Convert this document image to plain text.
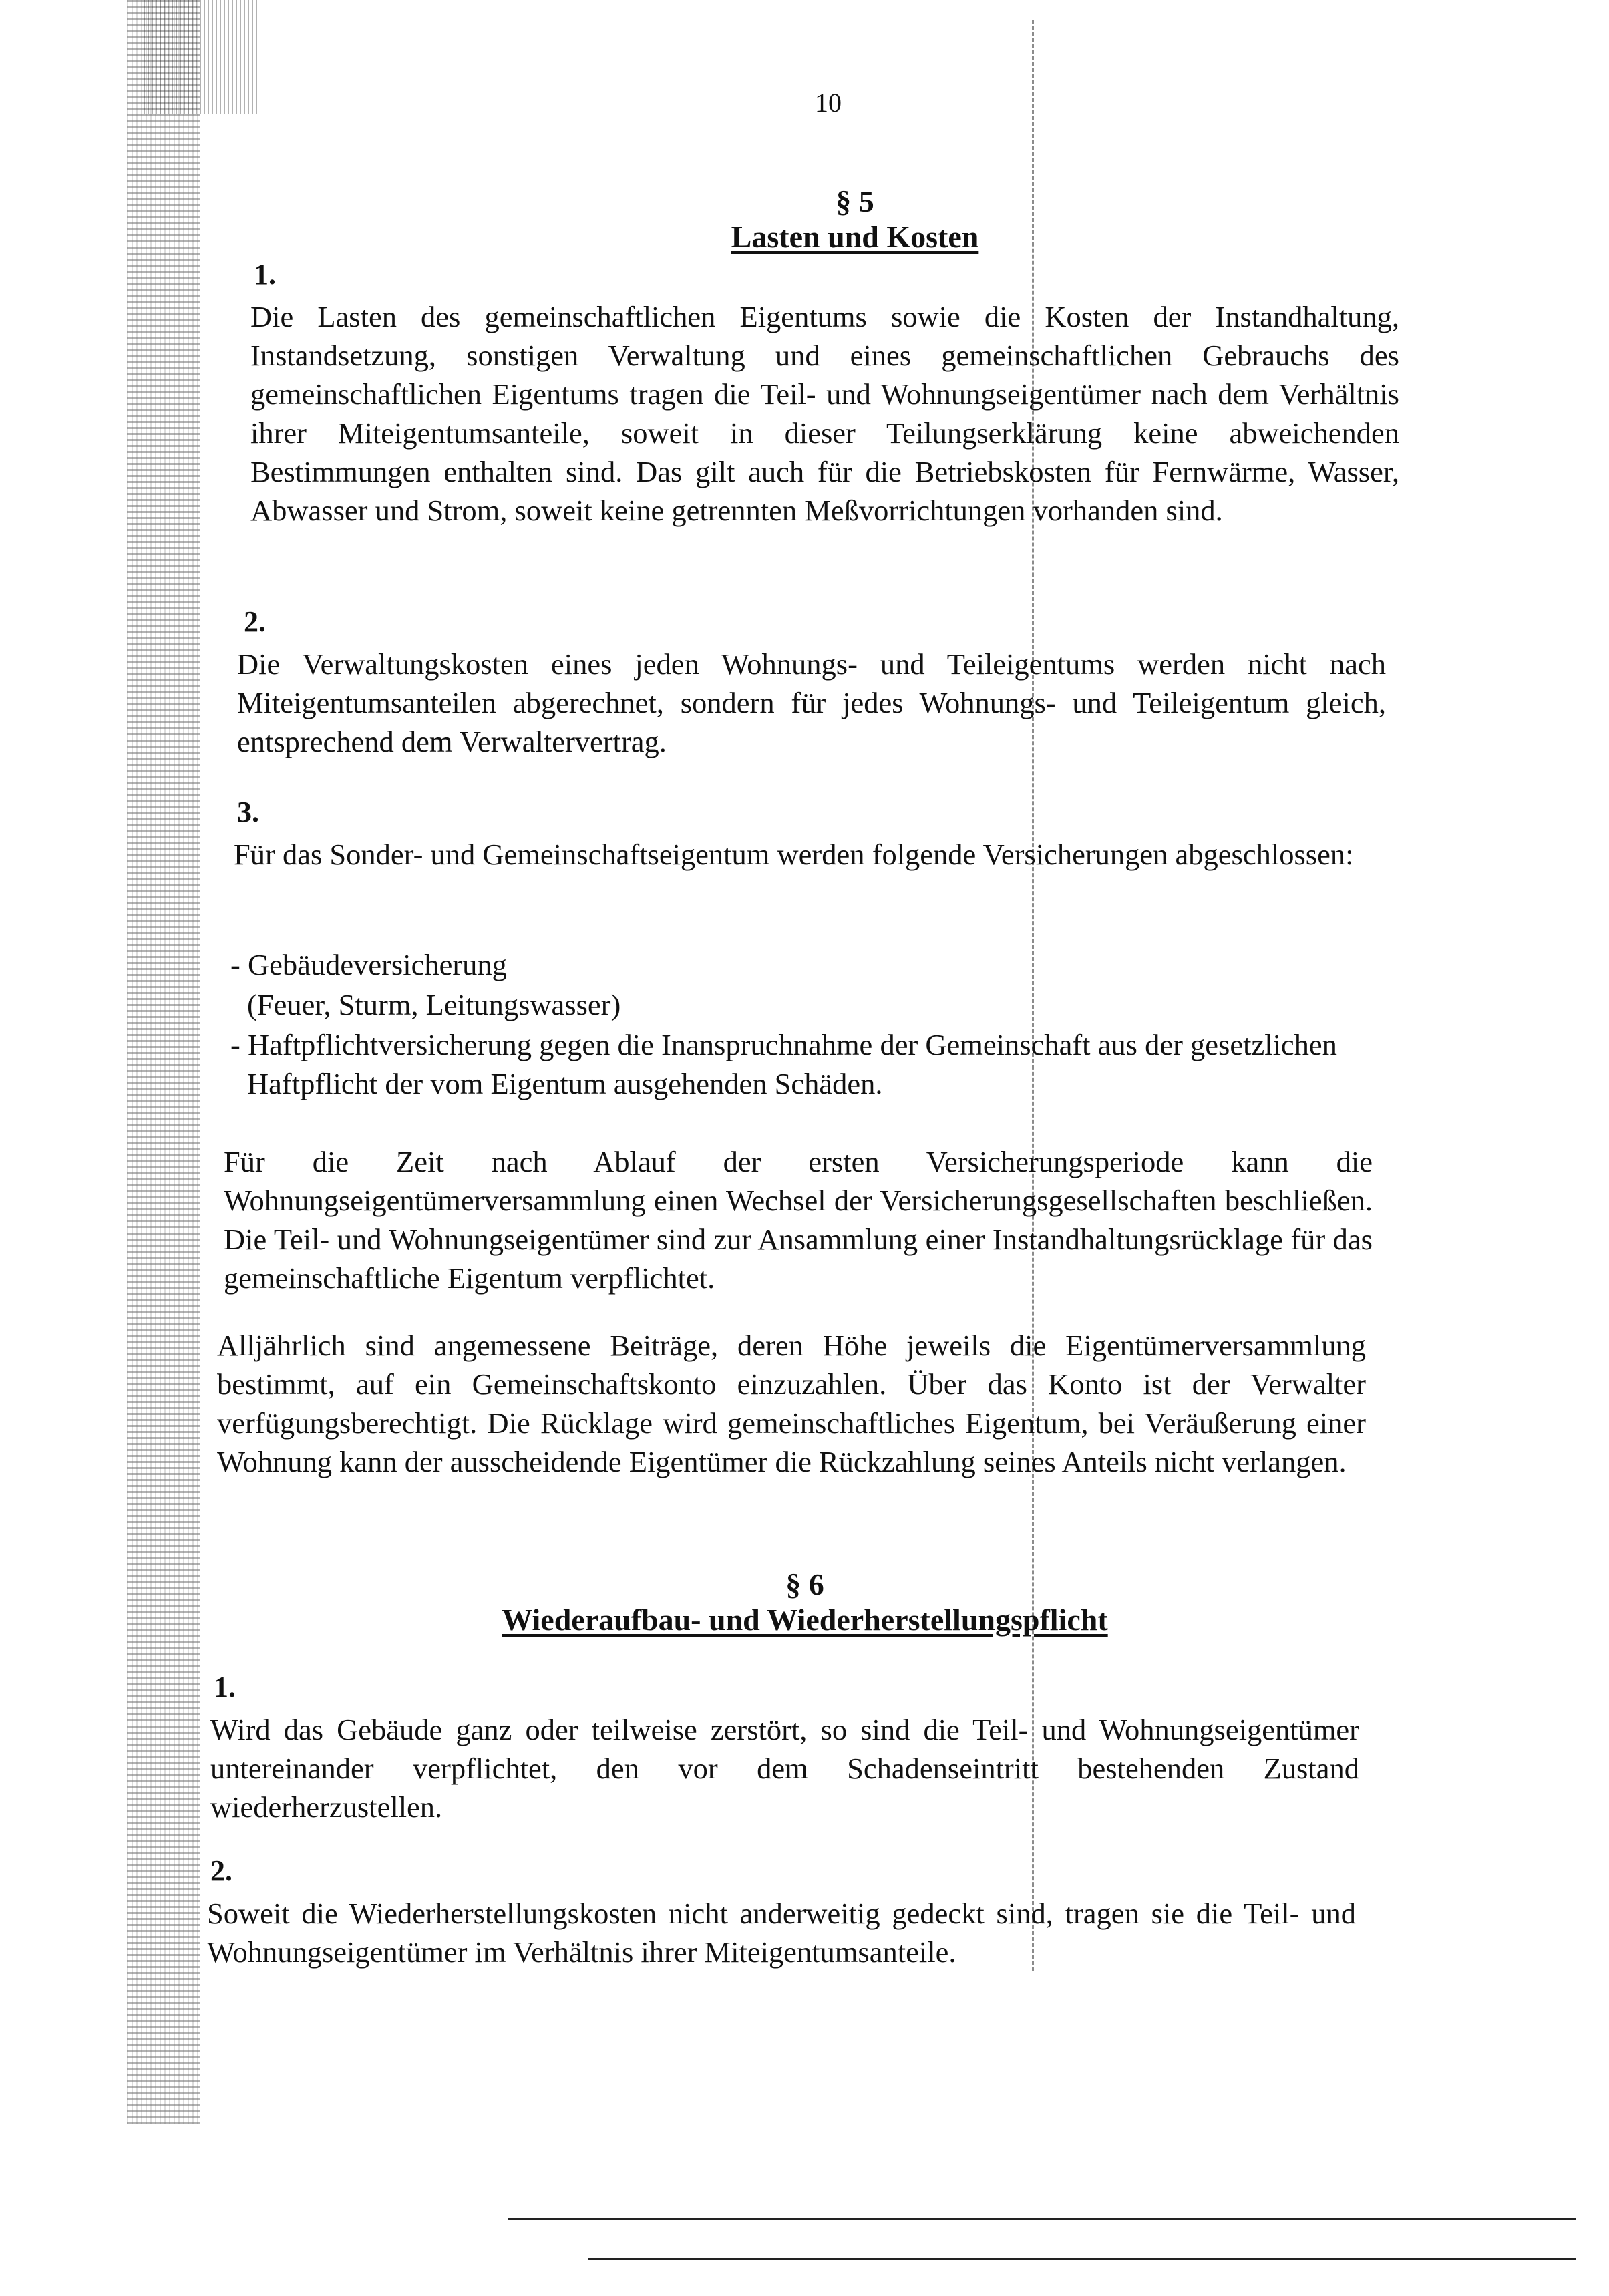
10
§ 5
Lasten und Kosten
1.
Die Lasten des gemeinschaftlichen Eigentums sowie die Kosten der Instandhaltung, Instandsetzung, sonstigen Verwaltung und eines gemeinschaftlichen Gebrauchs des gemeinschaftlichen Eigentums tragen die Teil- und Wohnungseigentümer nach dem Verhältnis ihrer Miteigentumsanteile, soweit in dieser Teilungserklärung keine abweichenden Bestimmungen enthalten sind. Das gilt auch für die Betriebskosten für Fernwärme, Wasser, Abwasser und Strom, soweit keine getrennten Meßvorrichtungen vorhanden sind.
2.
Die Verwaltungskosten eines jeden Wohnungs- und Teileigentums werden nicht nach Miteigentumsanteilen abgerechnet, sondern für jedes Wohnungs- und Teileigentum gleich, entsprechend dem Verwaltervertrag.
3.
Für das Sonder- und Gemeinschaftseigentum werden folgende Versicherungen abgeschlossen:
- Gebäudeversicherung
(Feuer, Sturm, Leitungswasser)
- Haftpflichtversicherung gegen die Inanspruchnahme der Gemeinschaft aus der gesetzlichen Haftpflicht der vom Eigentum ausgehenden Schäden.
Für die Zeit nach Ablauf der ersten Versicherungsperiode kann die Wohnungseigentümerversammlung einen Wechsel der Versicherungsgesellschaften beschließen. Die Teil- und Wohnungseigentümer sind zur Ansammlung einer Instandhaltungsrücklage für das gemeinschaftliche Eigentum verpflichtet.
Alljährlich sind angemessene Beiträge, deren Höhe jeweils die Eigentümerversammlung bestimmt, auf ein Gemeinschaftskonto einzuzahlen. Über das Konto ist der Verwalter verfügungsberechtigt. Die Rücklage wird gemeinschaftliches Eigentum, bei Veräußerung einer Wohnung kann der ausscheidende Eigentümer die Rückzahlung seines Anteils nicht verlangen.
§ 6
Wiederaufbau- und Wiederherstellungspflicht
1.
Wird das Gebäude ganz oder teilweise zerstört, so sind die Teil- und Wohnungseigentümer untereinander verpflichtet, den vor dem Schadenseintritt bestehenden Zustand wiederherzustellen.
2.
Soweit die Wiederherstellungskosten nicht anderweitig gedeckt sind, tragen sie die Teil- und Wohnungseigentümer im Verhältnis ihrer Miteigentumsanteile.
